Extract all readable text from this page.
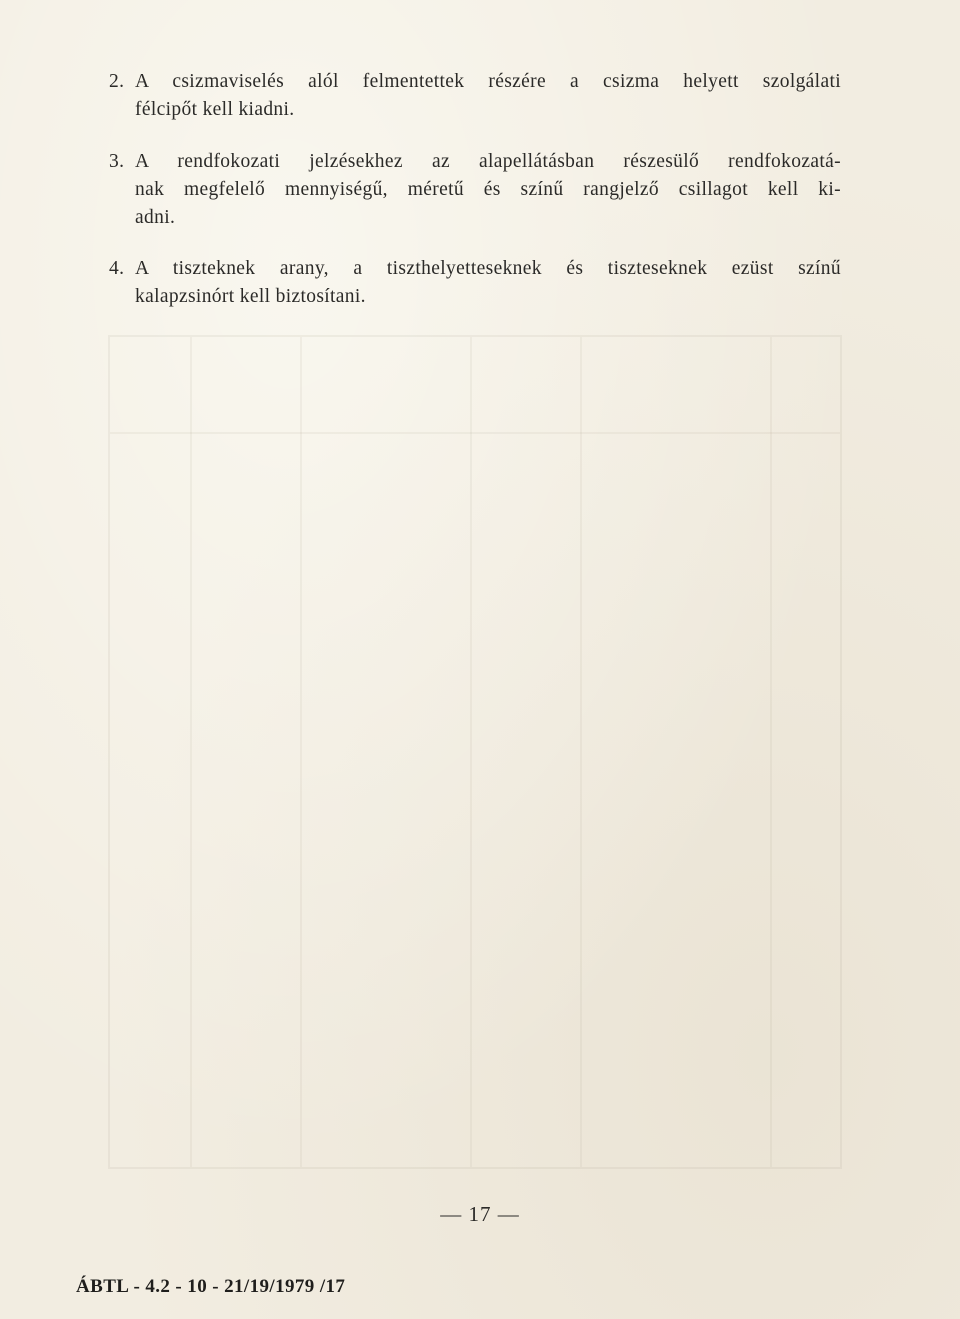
2. A csizmaviselés alól felmentettek részére a csizma helyett szolgálati
félcipőt kell kiadni.
3. A rendfokozati jelzésekhez az alapellátásban részesülő rendfokozatá-
nak megfelelő mennyiségű, méretű és színű rangjelző csillagot kell ki-
adni.
4. A tiszteknek arany, a tiszthelyetteseknek és tiszteseknek ezüst színű
kalapzsinórt kell biztosítani.
— 17 —
ÁBTL - 4.2 - 10 - 21/19/1979 /17
